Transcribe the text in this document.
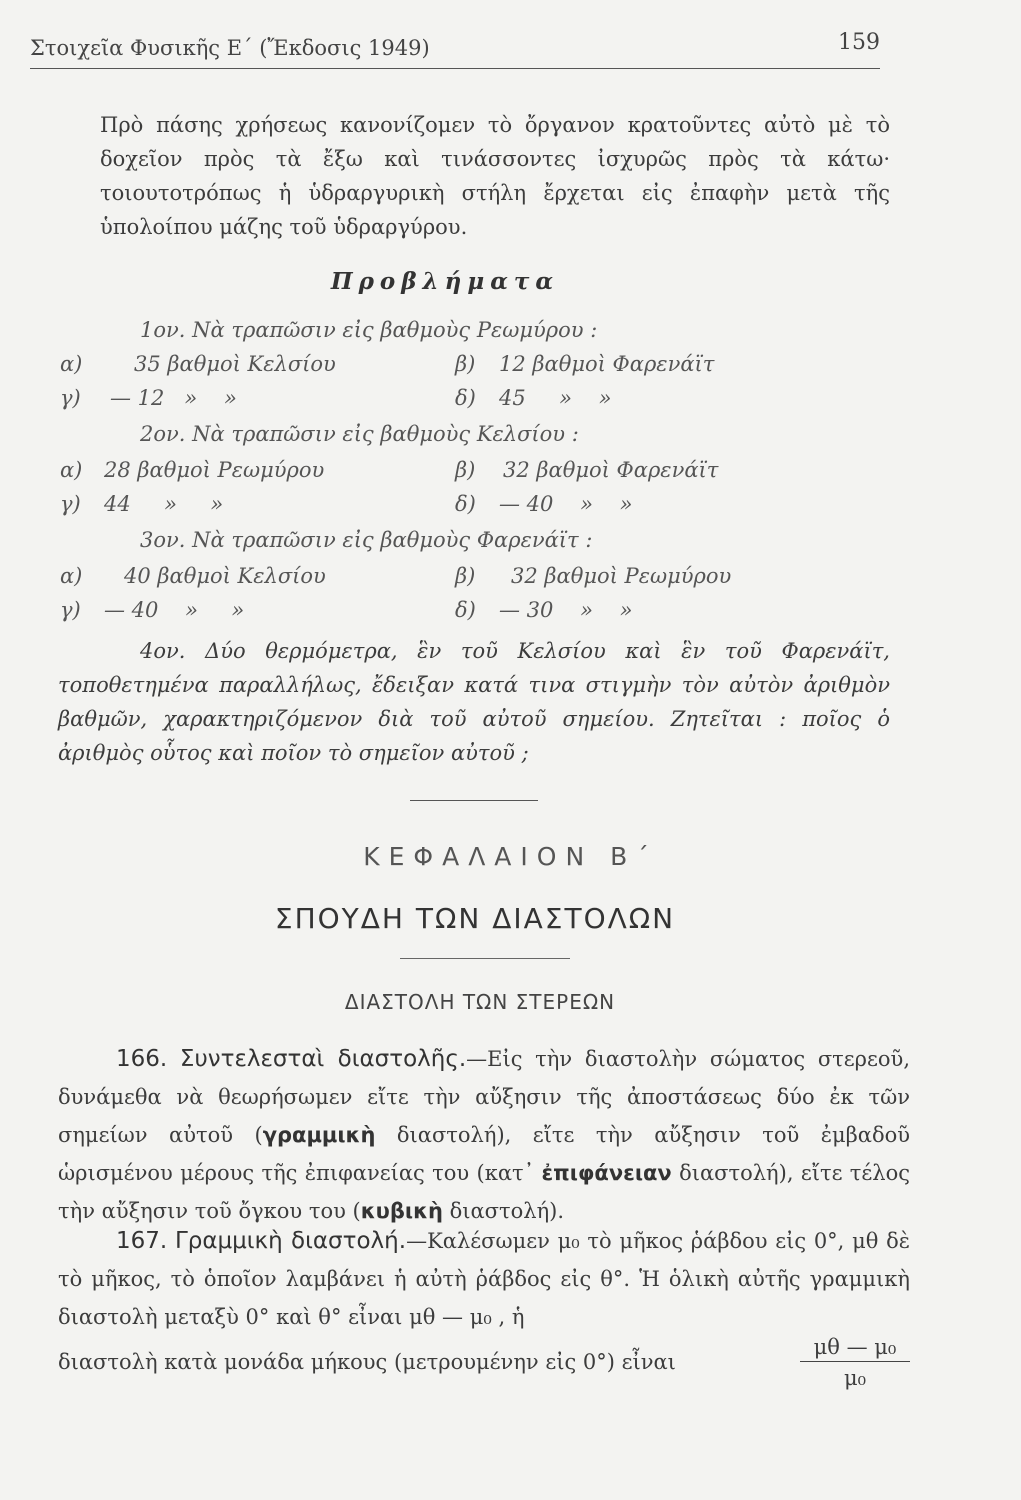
Στοιχεῖα Φυσικῆς Ε΄ (Ἔκδοσις 1949)	159
Πρὸ πάσης χρήσεως κανονίζομεν τὸ ὄργανον κρατοῦντες αὐτὸ μὲ τὸ δοχεῖον πρὸς τὰ ἔξω καὶ τινάσσοντες ἰσχυρῶς πρὸς τὰ κάτω· τοιουτοτρόπως ἡ ὑδραργυρικὴ στήλη ἔρχεται εἰς ἐπαφὴν μετὰ τῆς ὑπολοίπου μάζης τοῦ ὑδραργύρου.
Προβλήματα
1ον. Νὰ τραπῶσιν εἰς βαθμοὺς Ρεωμύρου :
α) 35 βαθμοὶ Κελσίου	β) 12 βαθμοὶ Φαρενάϊτ
γ) — 12   »    »	δ) 45     »    »
2ον. Νὰ τραπῶσιν εἰς βαθμοὺς Κελσίου :
α) 28 βαθμοὶ Ρεωμύρου	β) 32 βαθμοὶ Φαρενάϊτ
γ) 44     »     »	δ) — 40    »    »
3ον. Νὰ τραπῶσιν εἰς βαθμοὺς Φαρενάϊτ :
α) 40 βαθμοὶ Κελσίου	β) 32 βαθμοὶ Ρεωμύρου
γ) — 40    »     »	δ) — 30    »    »
4ον. Δύο θερμόμετρα, ἓν τοῦ Κελσίου καὶ ἓν τοῦ Φαρενάϊτ, τοποθετημένα παραλλήλως, ἔδειξαν κατά τινα στιγμὴν τὸν αὐτὸν ἀριθμὸν βαθμῶν, χαρακτηριζόμενον διὰ τοῦ αὐτοῦ σημείου. Ζητεῖται : ποῖος ὁ ἀριθμὸς οὗτος καὶ ποῖον τὸ σημεῖον αὐτοῦ ;
ΚΕΦΑΛΑΙΟΝ Β΄
ΣΠΟΥΔΗ ΤΩΝ ΔΙΑΣΤΟΛΩΝ
ΔΙΑΣΤΟΛΗ ΤΩΝ ΣΤΕΡΕΩΝ
166. Συντελεσταὶ διαστολῆς.—Εἰς τὴν διαστολὴν σώματος στερεοῦ, δυνάμεθα νὰ θεωρήσωμεν εἴτε τὴν αὔξησιν τῆς ἀποστάσεως δύο ἐκ τῶν σημείων αὐτοῦ (γραμμικὴ διαστολή), εἴτε τὴν αὔξησιν τοῦ ἐμβαδοῦ ὡρισμένου μέρους τῆς ἐπιφανείας του (κατ᾽ ἐπιφάνειαν διαστολή), εἴτε τέλος τὴν αὔξησιν τοῦ ὄγκου του (κυβικὴ διαστολή).
167. Γραμμικὴ διαστολή.—Καλέσωμεν μ₀ τὸ μῆκος ῥάβδου εἰς 0°, μθ δὲ τὸ μῆκος, τὸ ὁποῖον λαμβάνει ἡ αὐτὴ ῥάβδος εἰς θ°. Ἡ ὁλικὴ αὐτῆς γραμμικὴ διαστολὴ μεταξὺ 0° καὶ θ° εἶναι μθ — μ₀ , ἡ
διαστολὴ κατὰ μονάδα μήκους (μετρουμένην εἰς 0°) εἶναι	$\frac{\text{μθ — μ₀}}{\text{μ₀}}$
